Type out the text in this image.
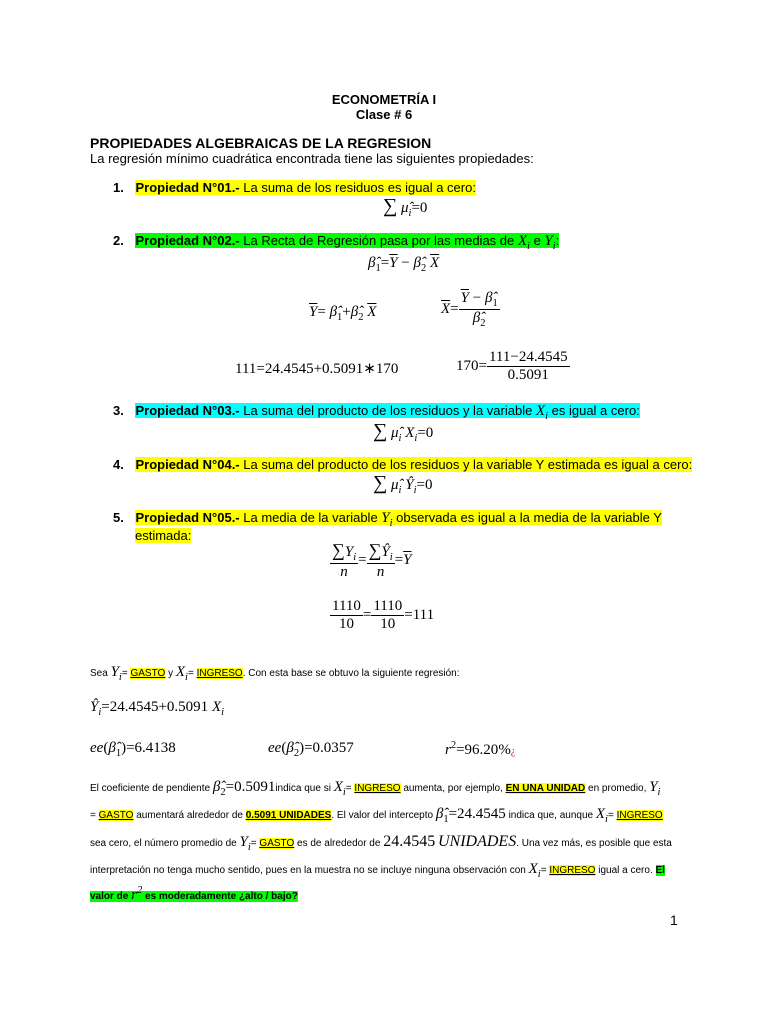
ECONOMETRÍA I
Clase # 6
PROPIEDADES ALGEBRAICAS DE LA REGRESION
La regresión mínimo cuadrática encontrada tiene las siguientes propiedades:
1. Propiedad N°01.- La suma de los residuos es igual a cero:
∑ $\mû_i=0$
2. Propiedad N°02.- La Recta de Regresión pasa por las medias de $X_i$ e $Y_i$:
$\betâ_1=\overline{Y}$ − $\betâ_2$ $\overline{X}$
$\overline{Y}=$ $\betâ_1+\betâ_2$ $\overline{X}$	$\overline{X}= \frac{\overline{Y} - \betâ_1}{\betâ_2}$
111=24.4545+0.5091∗170	$170= \frac{111-24.4545}{0.5091}$
3. Propiedad N°03.- La suma del producto de los residuos y la variable $X_i$ es igual a cero:
∑ $\mû_i$ $X_i=0$
4. Propiedad N°04.- La suma del producto de los residuos y la variable Y estimada es igual a cero:
∑ $\mû_i$ $Ŷ_i=0$
5. Propiedad N°05.- La media de la variable $Y_i$ observada es igual a la media de la variable Y
estimada:
$\frac{\sum Y_i}{n} = \frac{\sum Ŷ_i}{n} =\overline{Y}$
$\frac{1110}{10} = \frac{1110}{10} =111$
Sea $Y_i=$ GASTO y $X_i=$ INGRESO. Con esta base se obtuvo la siguiente regresión:
$Ŷ_i=24.4545+0.5091$ $X_i$
$ee(\betâ_1)=6.4138$	$ee(\betâ_2)=0.0357$	$r^2=96.20\%¿$
El coeficiente de pendiente $\betâ_2=0.5091indica$ que si $X_i=$ INGRESO aumenta, por ejemplo, EN UNA UNIDAD en promedio, $Y_i$
= GASTO aumentará alrededor de 0.5091 UNIDADES. El valor del intercepto $\betâ_1=24.4545$ indica que, aunque $X_i=$ INGRESO
sea cero, el número promedio de $Y_i=$ GASTO es de alrededor de 24.4545 UNIDADES. Una vez más, es posible que esta
interpretación no tenga mucho sentido, pues en la muestra no se incluye ninguna observación con $X_i=$ INGRESO igual a cero. El
valor de $r^2$ es moderadamente ¿alto / bajo?
1
